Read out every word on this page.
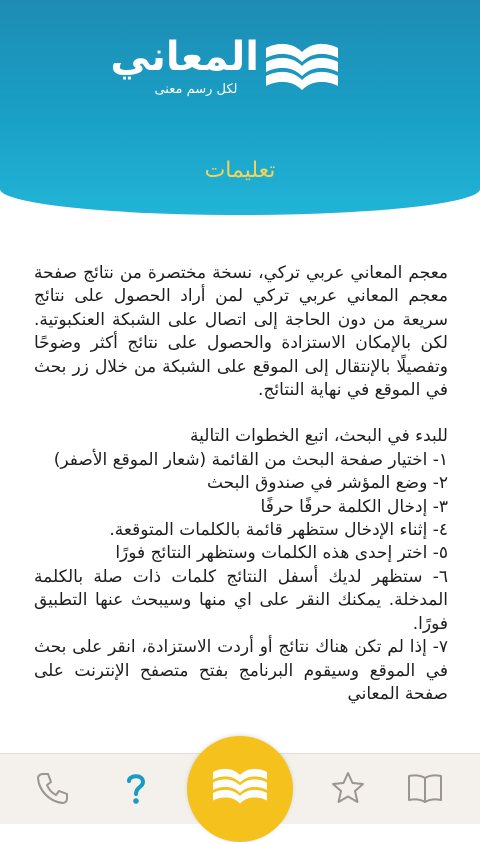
المعاني
لكل رسم معنى
تعليمات

معجم المعاني عربي تركي، نسخة مختصرة من نتائج صفحة معجم المعاني عربي تركي لمن أراد الحصول على نتائج سريعة من دون الحاجة إلى اتصال على الشبكة العنكبوتية. لكن بالإمكان الاستزادة والحصول على نتائج أكثر وضوحًا وتفصيلًا بالإنتقال إلى الموقع على الشبكة من خلال زر بحث في الموقع في نهاية النتائج.

للبدء في البحث، اتبع الخطوات التالية

١- اختيار صفحة البحث من القائمة (شعار الموقع الأصفر)

٢- وضع المؤشر في صندوق البحث

٣- إدخال الكلمة حرفًا حرفًا

٤- إثناء الإدخال ستظهر قائمة بالكلمات المتوقعة.

٥- اختر إحدى هذه الكلمات وستظهر النتائج فورًا

٦- ستظهر لديك أسفل النتائج كلمات ذات صلة بالكلمة المدخلة. يمكنك النقر على اي منها وسيبحث عنها التطبيق فورًا.

٧- إذا لم تكن هناك نتائج أو أردت الاستزادة، انقر على بحث في الموقع وسيقوم البرنامج بفتح متصفح الإنترنت على صفحة المعاني
